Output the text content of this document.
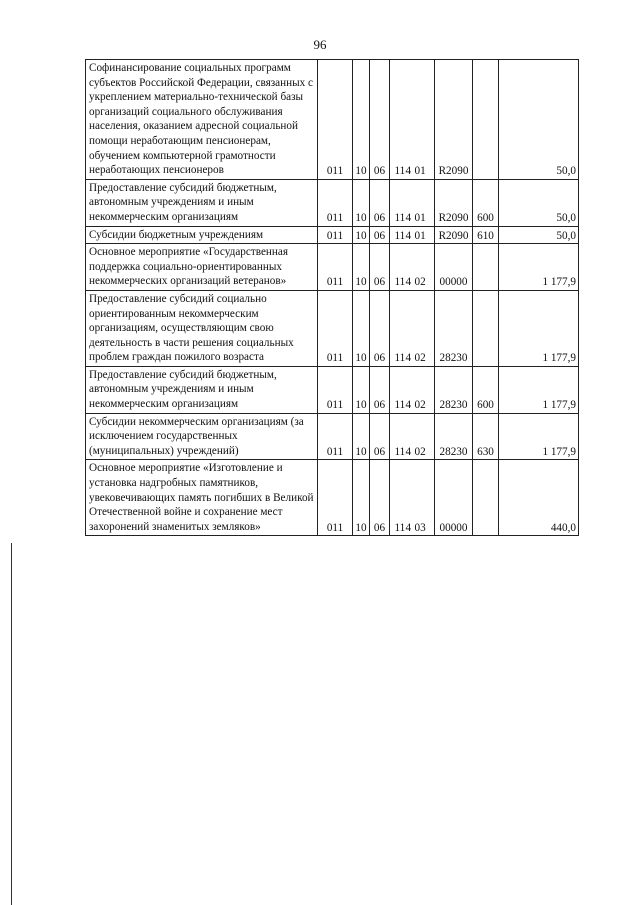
96
Софинансирование социальных программ субъектов Российской Федерации, связанных с укреплением материально-технической базы организаций социального обслуживания населения, оказанием адресной социальной помощи неработающим пенсионерам, обучением компьютерной грамотности неработающих пенсионеров	011	10	06	114 01	R2090		50,0
Предоставление субсидий бюджетным, автономным учреждениям и иным некоммерческим организациям	011	10	06	114 01	R2090	600	50,0
Субсидии бюджетным учреждениям	011	10	06	114 01	R2090	610	50,0
Основное мероприятие «Государственная поддержка социально-ориентированных некоммерческих организаций ветеранов»	011	10	06	114 02	00000		1 177,9
Предоставление субсидий социально ориентированным некоммерческим организациям, осуществляющим свою деятельность в части решения социальных проблем граждан пожилого возраста	011	10	06	114 02	28230		1 177,9
Предоставление субсидий бюджетным, автономным учреждениям и иным некоммерческим организациям	011	10	06	114 02	28230	600	1 177,9
Субсидии некоммерческим организациям (за исключением государственных (муниципальных) учреждений)	011	10	06	114 02	28230	630	1 177,9
Основное мероприятие «Изготовление и установка надгробных памятников, увековечивающих память погибших в Великой Отечественной войне и сохранение мест захоронений знаменитых земляков»	011	10	06	114 03	00000		440,0
